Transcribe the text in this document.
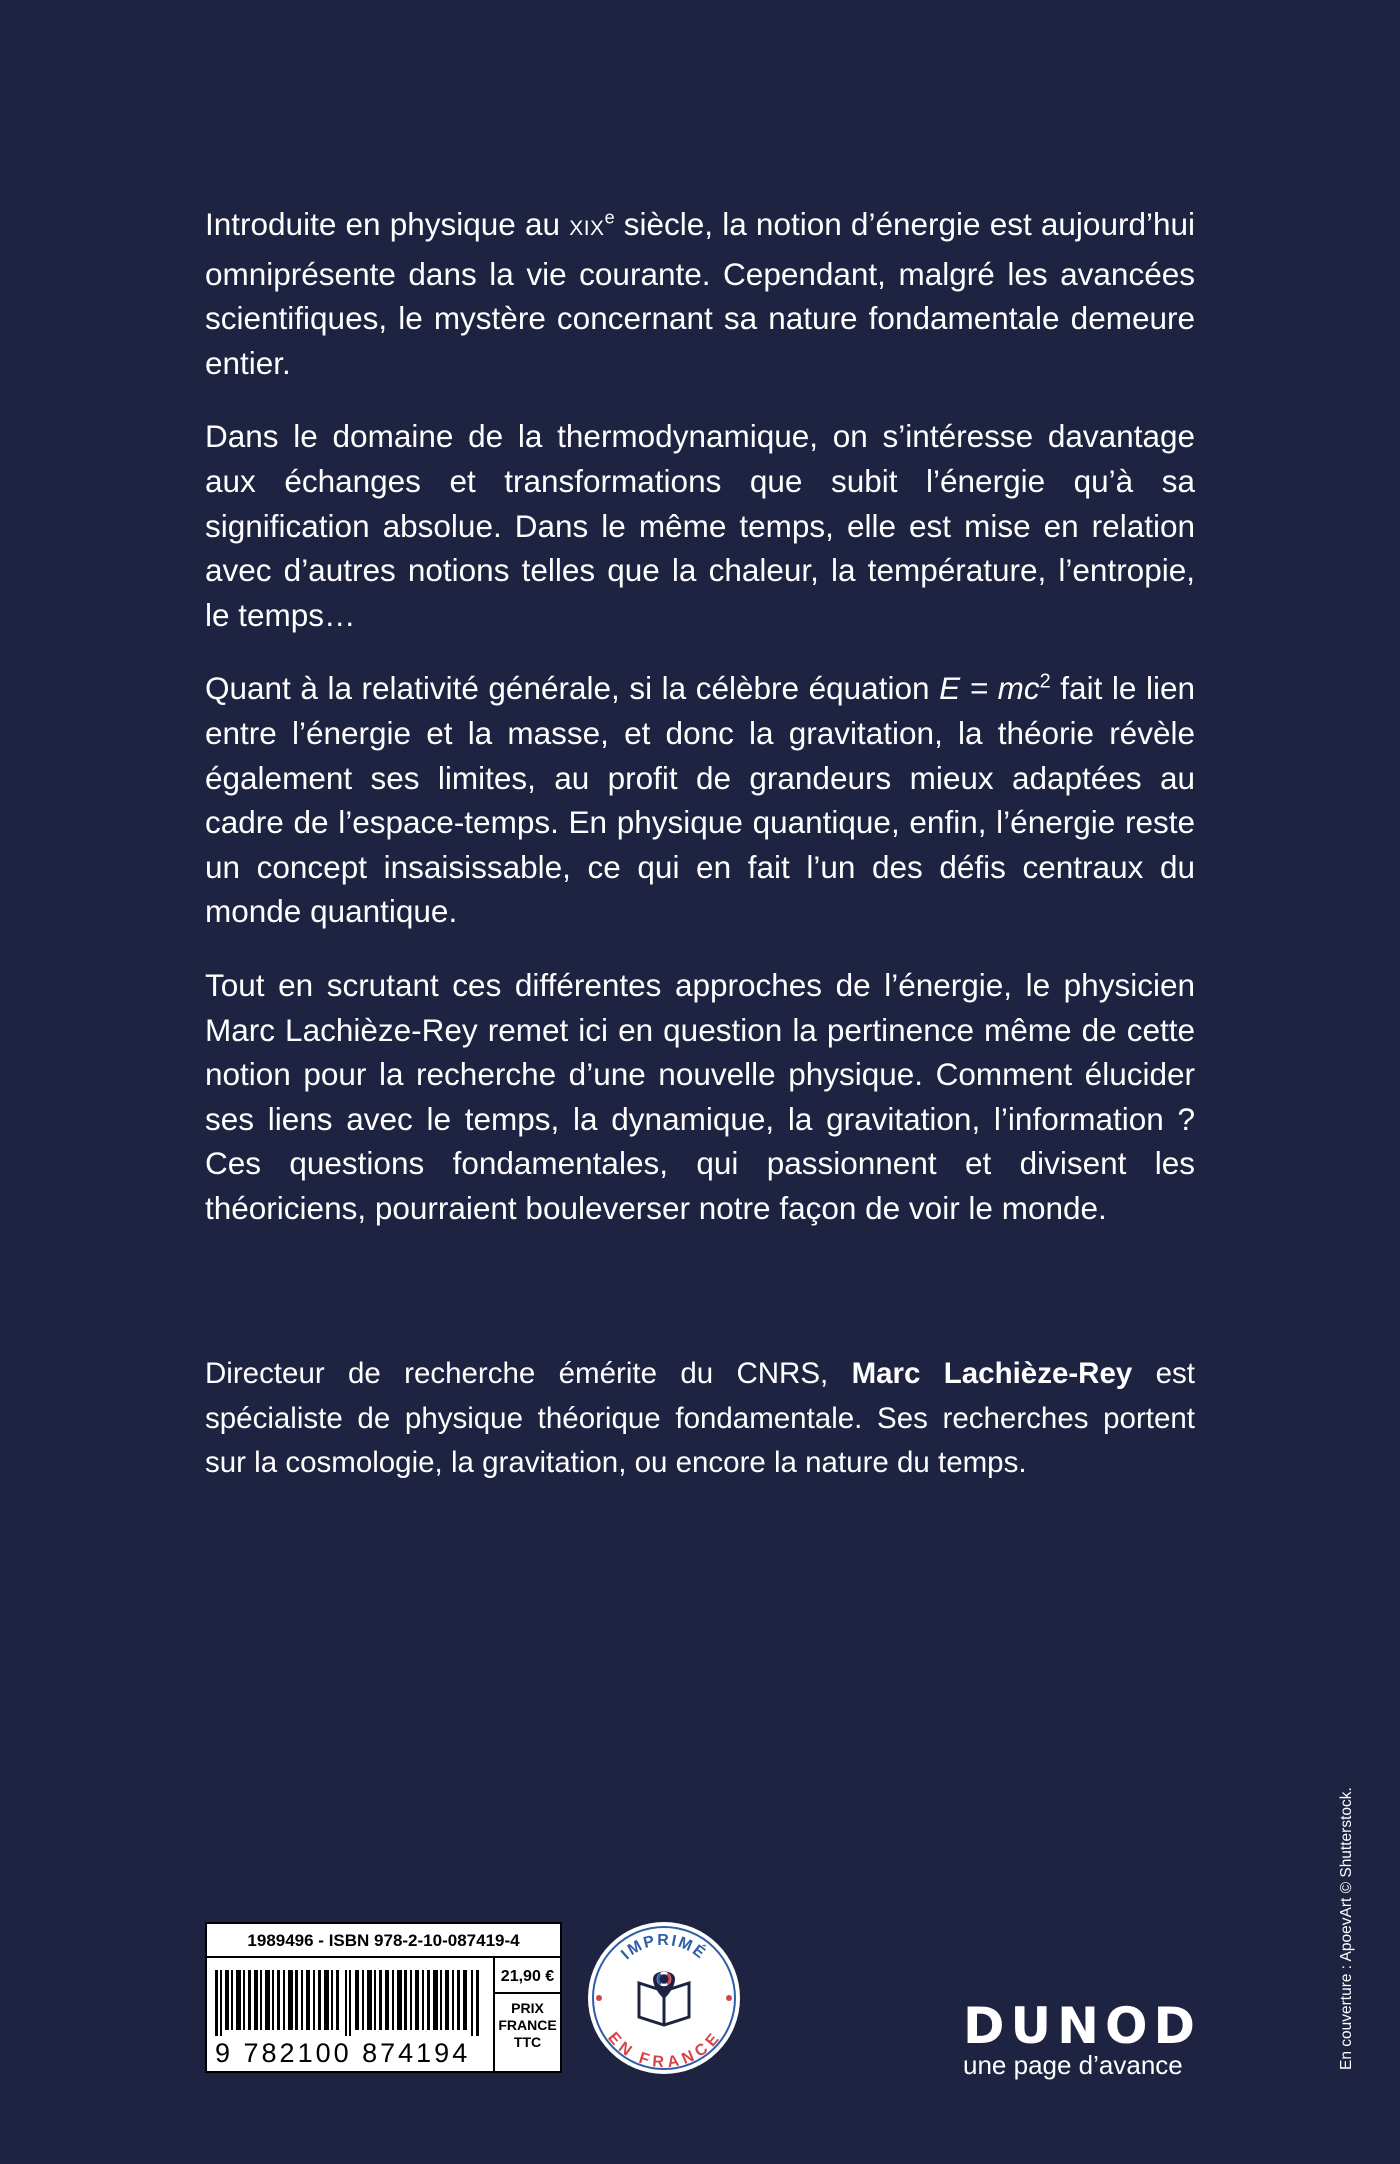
Introduite en physique au XIXe siècle, la notion d’énergie est aujourd’hui omniprésente dans la vie courante. Cependant, malgré les avancées scientifiques, le mystère concernant sa nature fondamentale demeure entier.

Dans le domaine de la thermodynamique, on s’intéresse davantage aux échanges et transformations que subit l’énergie qu’à sa signification absolue. Dans le même temps, elle est mise en relation avec d’autres notions telles que la chaleur, la température, l’entropie, le temps…

Quant à la relativité générale, si la célèbre équation $E = mc^2$ fait le lien entre l’énergie et la masse, et donc la gravitation, la théorie révèle également ses limites, au profit de grandeurs mieux adaptées au cadre de l’espace-temps. En physique quantique, enfin, l’énergie reste un concept insaisissable, ce qui en fait l’un des défis centraux du monde quantique.

Tout en scrutant ces différentes approches de l’énergie, le physicien Marc Lachièze-Rey remet ici en question la pertinence même de cette notion pour la recherche d’une nouvelle physique. Comment élucider ses liens avec le temps, la dynamique, la gravitation, l’information ? Ces questions fondamentales, qui passionnent et divisent les théoriciens, pourraient bouleverser notre façon de voir le monde.

Directeur de recherche émérite du CNRS, Marc Lachièze-Rey est spécialiste de physique théorique fondamentale. Ses recherches portent sur la cosmologie, la gravitation, ou encore la nature du temps.
1989496 - ISBN 978-2-10-087419-4
9 782100 874194
21,90 €
PRIX
FRANCE
TTC
IMPRIMÉ
EN FRANCE	DUNOD
une page d’avance	En couverture : ApoevArt © Shutterstock.
